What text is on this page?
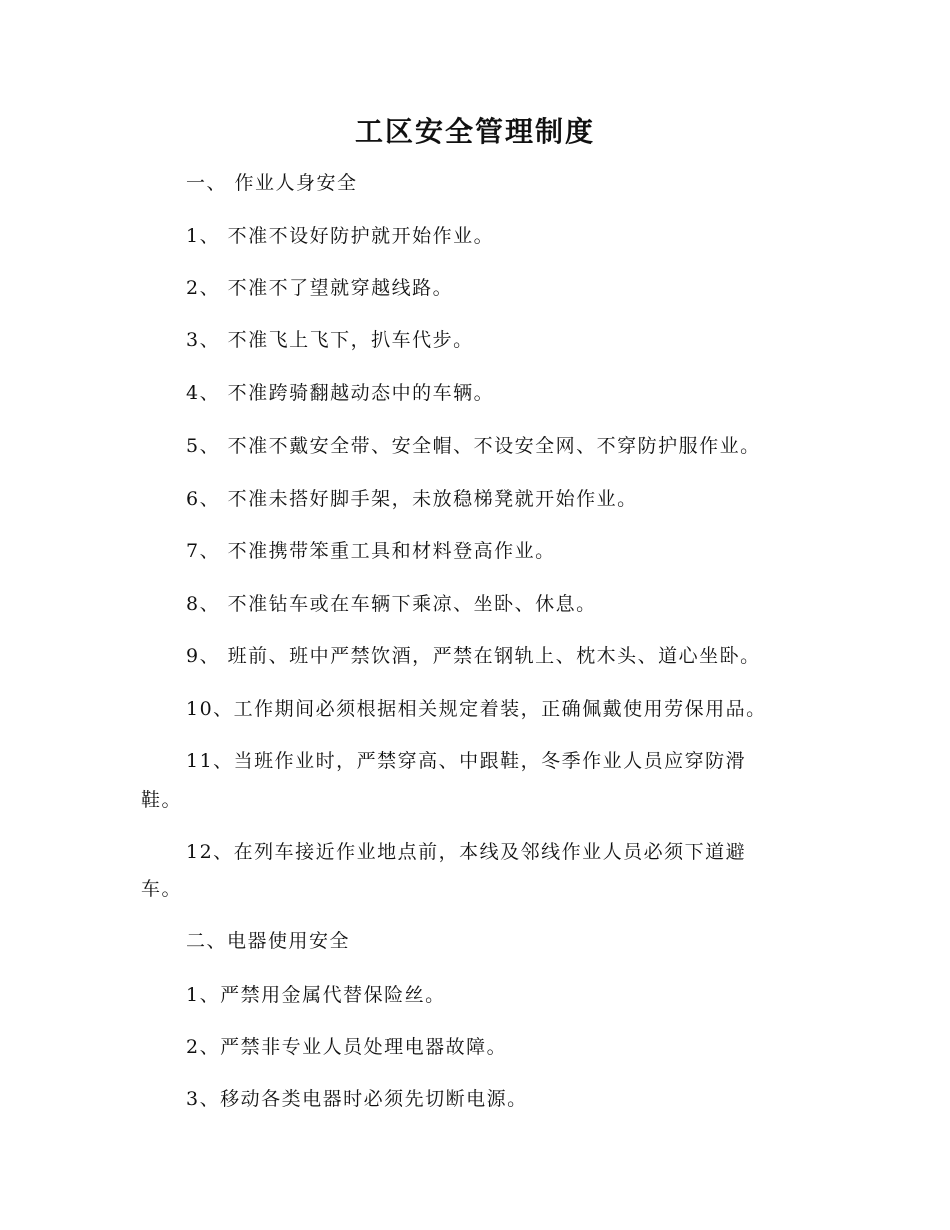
工区安全管理制度
一、 作业人身安全
1、 不准不设好防护就开始作业。
2、 不准不了望就穿越线路。
3、 不准飞上飞下，扒车代步。
4、 不准跨骑翻越动态中的车辆。
5、 不准不戴安全带、安全帽、不设安全网、不穿防护服作业。
6、 不准未搭好脚手架，未放稳梯凳就开始作业。
7、 不准携带笨重工具和材料登高作业。
8、 不准钻车或在车辆下乘凉、坐卧、休息。
9、 班前、班中严禁饮酒，严禁在钢轨上、枕木头、道心坐卧。
10、工作期间必须根据相关规定着装，正确佩戴使用劳保用品。
11、当班作业时，严禁穿高、中跟鞋，冬季作业人员应穿防滑
鞋。
12、在列车接近作业地点前，本线及邻线作业人员必须下道避
车。
二、电器使用安全
1、严禁用金属代替保险丝。
2、严禁非专业人员处理电器故障。
3、移动各类电器时必须先切断电源。
